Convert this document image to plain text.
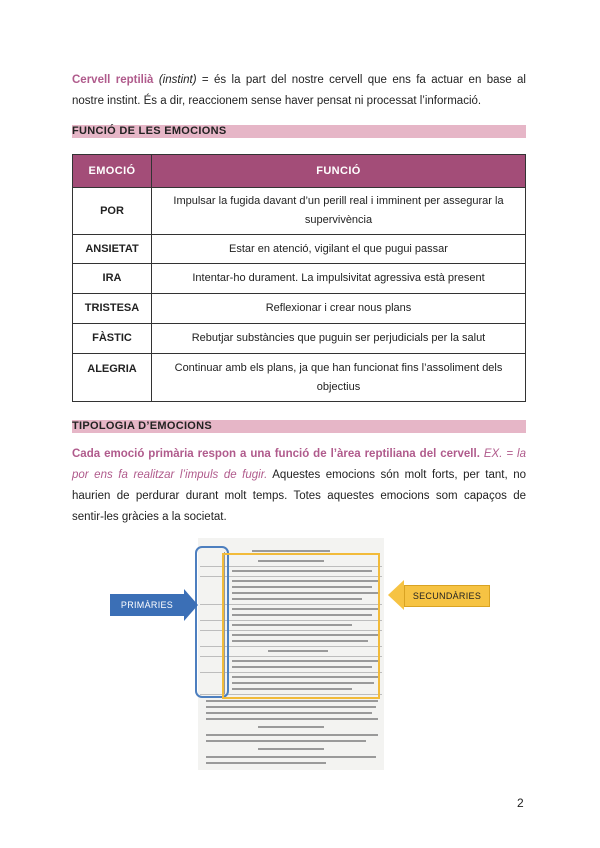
Cervell reptilià (instint) = és la part del nostre cervell que ens fa actuar en base al nostre instint. És a dir, reaccionem sense haver pensat ni processat l’informació.

FUNCIÓ DE LES EMOCIONS
EMOCIÓ	FUNCIÓ
POR	Impulsar la fugida davant d’un perill real i imminent per assegurar la supervivència
ANSIETAT	Estar en atenció, vigilant el que pugui passar
IRA	Intentar-ho durament. La impulsivitat agressiva està present
TRISTESA	Reflexionar i crear nous plans
FÀSTIC	Rebutjar substàncies que puguin ser perjudicials per la salut
ALEGRIA	Continuar amb els plans, ja que han funcionat fins l’assoliment dels objectius
TIPOLOGIA D’EMOCIONS

Cada emoció primària respon a una funció de l’àrea reptiliana del cervell. EX. = la por ens fa realitzar l’impuls de fugir. Aquestes emocions són molt forts, per tant, no haurien de perdurar durant molt temps. Totes aquestes emocions som capaços de sentir-les gràcies a la societat.

PRIMÀRIES
SECUNDÀRIES
2
